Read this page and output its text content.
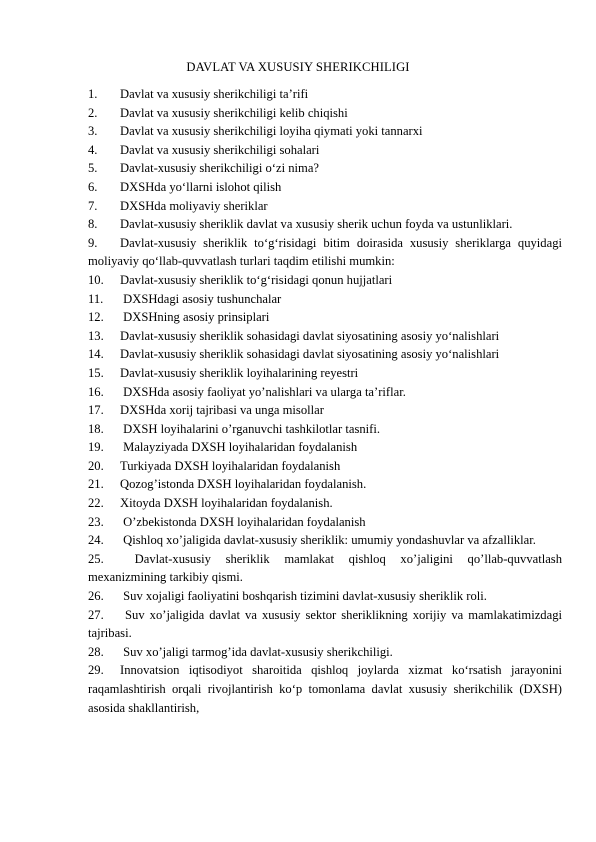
DAVLAT VA XUSUSIY SHERIKCHILIGI

1. Davlat va xususiy sherikchiligi ta’rifi

2. Davlat va xususiy sherikchiligi kelib chiqishi

3. Davlat va xususiy sherikchiligi loyiha qiymati yoki tannarxi

4. Davlat va xususiy sherikchiligi sohalari

5. Davlat-xususiy sherikchiligi o‘zi nima?

6. DXSHda yo‘llarni islohot qilish

7. DXSHda moliyaviy sheriklar

8. Davlat-xususiy sheriklik davlat va xususiy sherik uchun foyda va ustunliklari.

9. Davlat-xususiy sheriklik to‘g‘risidagi bitim doirasida xususiy sheriklarga quyidagi moliyaviy qo‘llab-quvvatlash turlari taqdim etilishi mumkin:

10. Davlat-xususiy sheriklik to‘g‘risidagi qonun hujjatlari

11. DXSHdagi asosiy tushunchalar

12. DXSHning asosiy prinsiplari

13. Davlat-xususiy sheriklik sohasidagi davlat siyosatining asosiy yo‘nalishlari

14. Davlat-xususiy sheriklik sohasidagi davlat siyosatining asosiy yo‘nalishlari

15. Davlat-xususiy sheriklik loyihalarining reyestri

16. DXSHda asosiy faoliyat yo’nalishlari va ularga ta’riflar.

17. DXSHda xorij tajribasi va unga misollar

18. DXSH loyihalarini o’rganuvchi tashkilotlar tasnifi.

19. Malayziyada DXSH loyihalaridan foydalanish

20. Turkiyada DXSH loyihalaridan foydalanish

21. Qozog’istonda DXSH loyihalaridan foydalanish.

22. Xitoyda DXSH loyihalaridan foydalanish.

23. O’zbekistonda DXSH loyihalaridan foydalanish

24. Qishloq xo’jaligida davlat-xususiy sheriklik: umumiy yondashuvlar va afzalliklar.

25. Davlat-xususiy sheriklik mamlakat qishloq xo’jaligini qo’llab-quvvatlash mexanizmining tarkibiy qismi.

26. Suv xojaligi faoliyatini boshqarish tizimini davlat-xususiy sheriklik roli.

27. Suv xo’jaligida davlat va xususiy sektor sheriklikning xorijiy va mamlakatimizdagi tajribasi.

28. Suv xo’jaligi tarmog’ida davlat-xususiy sherikchiligi.

29. Innovatsion iqtisodiyot sharoitida qishloq joylarda xizmat ko‘rsatish jarayonini raqamlashtirish orqali rivojlantirish ko‘p tomonlama davlat xususiy sherikchilik (DXSH) asosida shakllantirish,
